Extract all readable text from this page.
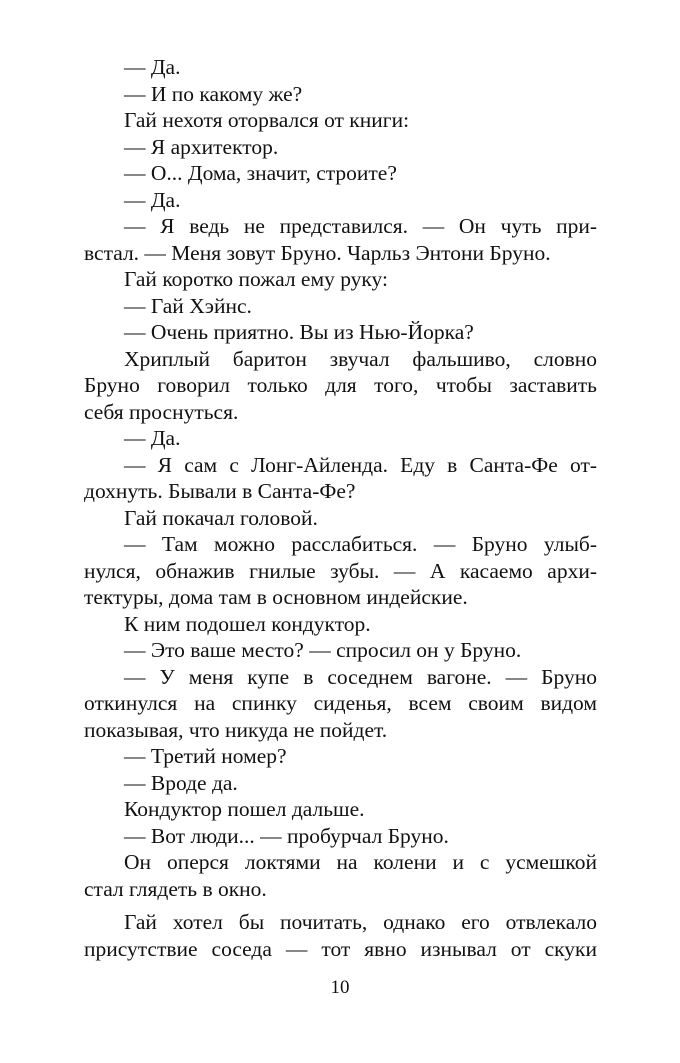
— Да.
— И по какому же?
Гай нехотя оторвался от книги:
— Я архитектор.
— О... Дома, значит, строите?
— Да.
— Я ведь не представился. — Он чуть при-
встал. — Меня зовут Бруно. Чарльз Энтони Бруно.
Гай коротко пожал ему руку:
— Гай Хэйнс.
— Очень приятно. Вы из Нью-Йорка?
Хриплый баритон звучал фальшиво, словно
Бруно говорил только для того, чтобы заставить
себя проснуться.
— Да.
— Я сам с Лонг-Айленда. Еду в Санта-Фе от-
дохнуть. Бывали в Санта-Фе?
Гай покачал головой.
— Там можно расслабиться. — Бруно улыб-
нулся, обнажив гнилые зубы. — А касаемо архи-
тектуры, дома там в основном индейские.
К ним подошел кондуктор.
— Это ваше место? — спросил он у Бруно.
— У меня купе в соседнем вагоне. — Бруно
откинулся на спинку сиденья, всем своим видом
показывая, что никуда не пойдет.
— Третий номер?
— Вроде да.
Кондуктор пошел дальше.
— Вот люди... — пробурчал Бруно.
Он оперся локтями на колени и с усмешкой
стал глядеть в окно.
Гай хотел бы почитать, однако его отвлекало
присутствие соседа — тот явно изнывал от скуки
10
